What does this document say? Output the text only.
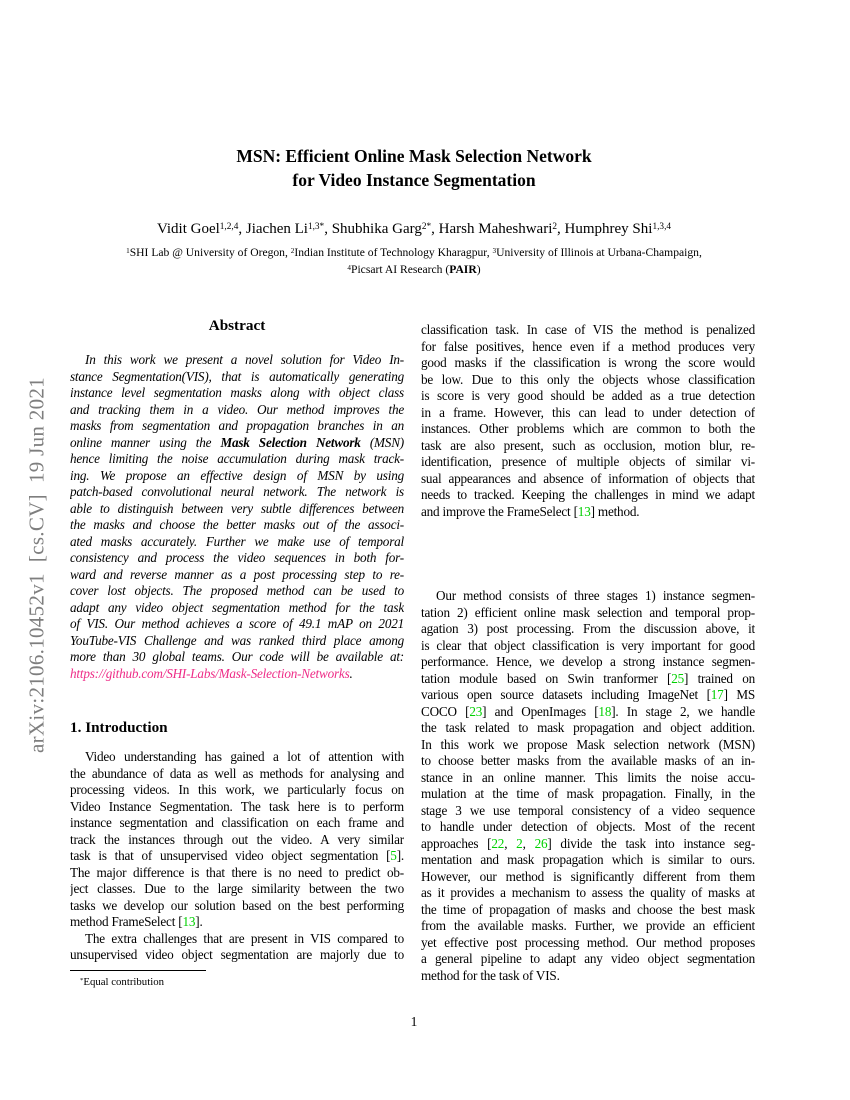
arXiv:2106.10452v1  [cs.CV]  19 Jun 2021
MSN: Efficient Online Mask Selection Network
for Video Instance Segmentation
Vidit Goel$^{1,2,4}$, Jiachen $Li^{1,3*}$, Shubhika Garg$^{2*}$, Harsh Maheshwari$^2$, Humphrey Shi$^{1,3,4}$
$^1$SHI Lab @ University of Oregon, $^2$Indian Institute of Technology Kharagpur, $^3$University of Illinois at Urbana-Champaign,
$^4$Picsart AI Research (PAIR)
Abstract
In this work we present a novel solution for Video In-
stance Segmentation(VIS), that is automatically generating
instance level segmentation masks along with object class
and tracking them in a video. Our method improves the
masks from segmentation and propagation branches in an
online manner using the Mask Selection Network (MSN)
hence limiting the noise accumulation during mask track-
ing. We propose an effective design of MSN by using
patch-based convolutional neural network. The network is
able to distinguish between very subtle differences between
the masks and choose the better masks out of the associ-
ated masks accurately. Further we make use of temporal
consistency and process the video sequences in both for-
ward and reverse manner as a post processing step to re-
cover lost objects. The proposed method can be used to
adapt any video object segmentation method for the task
of VIS. Our method achieves a score of 49.1 mAP on 2021
YouTube-VIS Challenge and was ranked third place among
more than 30 global teams. Our code will be available at:
https://github.com/SHI-Labs/Mask-Selection-Networks.
1. Introduction
Video understanding has gained a lot of attention with
the abundance of data as well as methods for analysing and
processing videos. In this work, we particularly focus on
Video Instance Segmentation. The task here is to perform
instance segmentation and classification on each frame and
track the instances through out the video. A very similar
task is that of unsupervised video object segmentation [5].
The major difference is that there is no need to predict ob-
ject classes. Due to the large similarity between the two
tasks we develop our solution based on the best performing
method FrameSelect [13].
The extra challenges that are present in VIS compared to
unsupervised video object segmentation are majorly due to
classification task. In case of VIS the method is penalized
for false positives, hence even if a method produces very
good masks if the classification is wrong the score would
be low. Due to this only the objects whose classification
is score is very good should be added as a true detection
in a frame. However, this can lead to under detection of
instances. Other problems which are common to both the
task are also present, such as occlusion, motion blur, re-
identification, presence of multiple objects of similar vi-
sual appearances and absence of information of objects that
needs to tracked. Keeping the challenges in mind we adapt
and improve the FrameSelect [13] method.
Our method consists of three stages 1) instance segmen-
tation 2) efficient online mask selection and temporal prop-
agation 3) post processing. From the discussion above, it
is clear that object classification is very important for good
performance. Hence, we develop a strong instance segmen-
tation module based on Swin tranformer [25] trained on
various open source datasets including ImageNet [17] MS
COCO [23] and OpenImages [18]. In stage 2, we handle
the task related to mask propagation and object addition.
In this work we propose Mask selection network (MSN)
to choose better masks from the available masks of an in-
stance in an online manner. This limits the noise accu-
mulation at the time of mask propagation. Finally, in the
stage 3 we use temporal consistency of a video sequence
to handle under detection of objects. Most of the recent
approaches [22, 2, 26] divide the task into instance seg-
mentation and mask propagation which is similar to ours.
However, our method is significantly different from them
as it provides a mechanism to assess the quality of masks at
the time of propagation of masks and choose the best mask
from the available masks. Further, we provide an efficient
yet effective post processing method. Our method proposes
a general pipeline to adapt any video object segmentation
method for the task of VIS.
*Equal contribution
1
